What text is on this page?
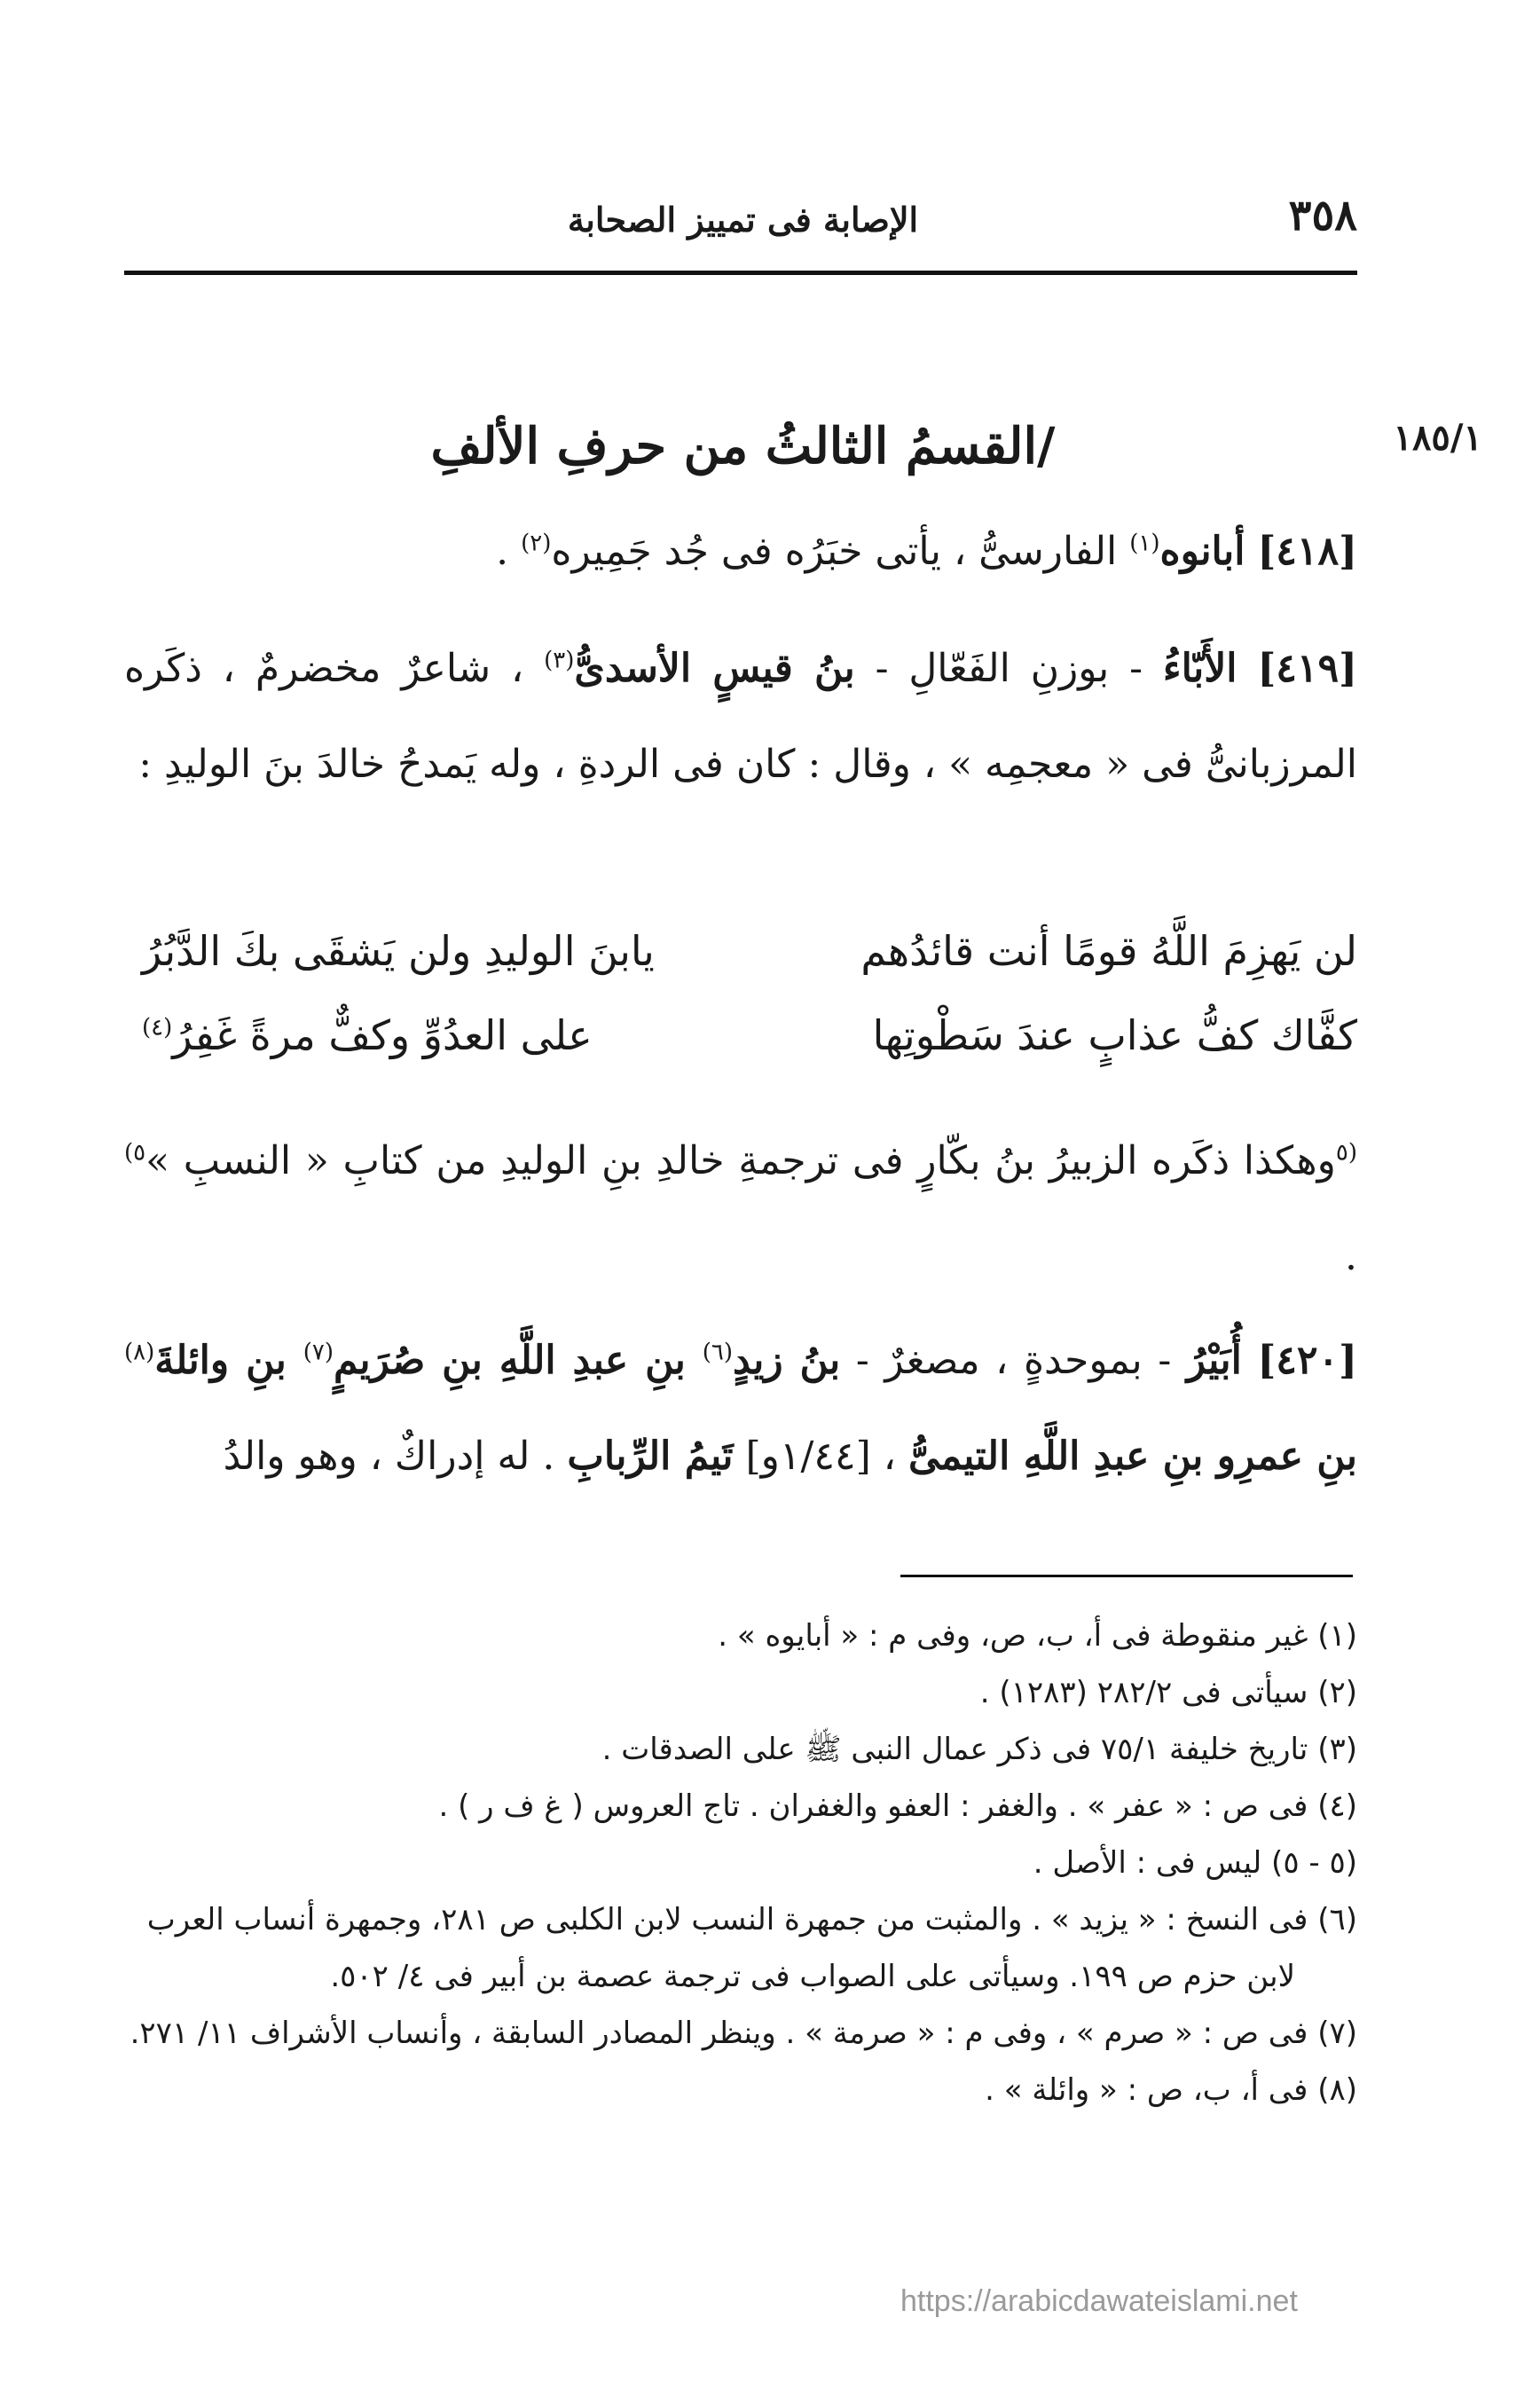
٣٥٨
الإصابة فى تمييز الصحابة
١٨٥/١
/القسمُ الثالثُ من حرفِ الألفِ
[٤١٨] أبانوه$^{(١)}$ الفارسىُّ ، يأتى خبَرُه فى جُد جَمِيره$^{(٢)}$ .
[٤١٩] الأَبّاءُ - بوزنِ الفَعّالِ - بنُ قيسٍ الأسدىُّ$^{(٣)}$ ، شاعرٌ مخضرمٌ ، ذكَره المرزبانىُّ فى « معجمِه » ، وقال : كان فى الردةِ ، وله يَمدحُ خالدَ بنَ الوليدِ :
لن يَهزِمَ اللَّهُ قومًا أنت قائدُهم
يابنَ الوليدِ ولن يَشقَى بكَ الدَّبُرُ
كفَّاك كفُّ عذابٍ عندَ سَطْوتِها
على العدُوِّ وكفٌّ مرةً غَفِرُ$^{(٤)}$
$^{(٥}$وهكذا ذكَره الزبيرُ بنُ بكّارٍ فى ترجمةِ خالدِ بنِ الوليدِ من كتابِ « النسبِ »$^{٥)}$ .
[٤٢٠] أُبَيْرُ - بموحدةٍ ، مصغرٌ - بنُ زيدٍ$^{(٦)}$ بنِ عبدِ اللَّهِ بنِ صُرَيمٍ$^{(٧)}$ بنِ وائلةَ$^{(٨)}$ بنِ عمرِو بنِ عبدِ اللَّهِ التيمىُّ ، [١/٤٤و] تَيمُ الرِّبابِ . له إدراكٌ ، وهو والدُ
(١) غير منقوطة فى أ، ب، ص، وفى م : « أبايوه » .
(٢) سيأتى فى ٢٨٢/٢ (١٢٨٣) .
(٣) تاريخ خليفة ٧٥/١ فى ذكر عمال النبى ﷺ على الصدقات .
(٤) فى ص : « عفر » . والغفر : العفو والغفران . تاج العروس ( غ ف ر ) .
(٥ - ٥) ليس فى : الأصل .
(٦) فى النسخ : « يزيد » . والمثبت من جمهرة النسب لابن الكلبى ص ٢٨١، وجمهرة أنساب العرب
لابن حزم ص ١٩٩. وسيأتى على الصواب فى ترجمة عصمة بن أبير فى ٤/ ٥٠٢.
(٧) فى ص : « صرم » ، وفى م : « صرمة » . وينظر المصادر السابقة ، وأنساب الأشراف ١١/ ٢٧١.
(٨) فى أ، ب، ص : « وائلة » .
https://arabicdawateislami.net
